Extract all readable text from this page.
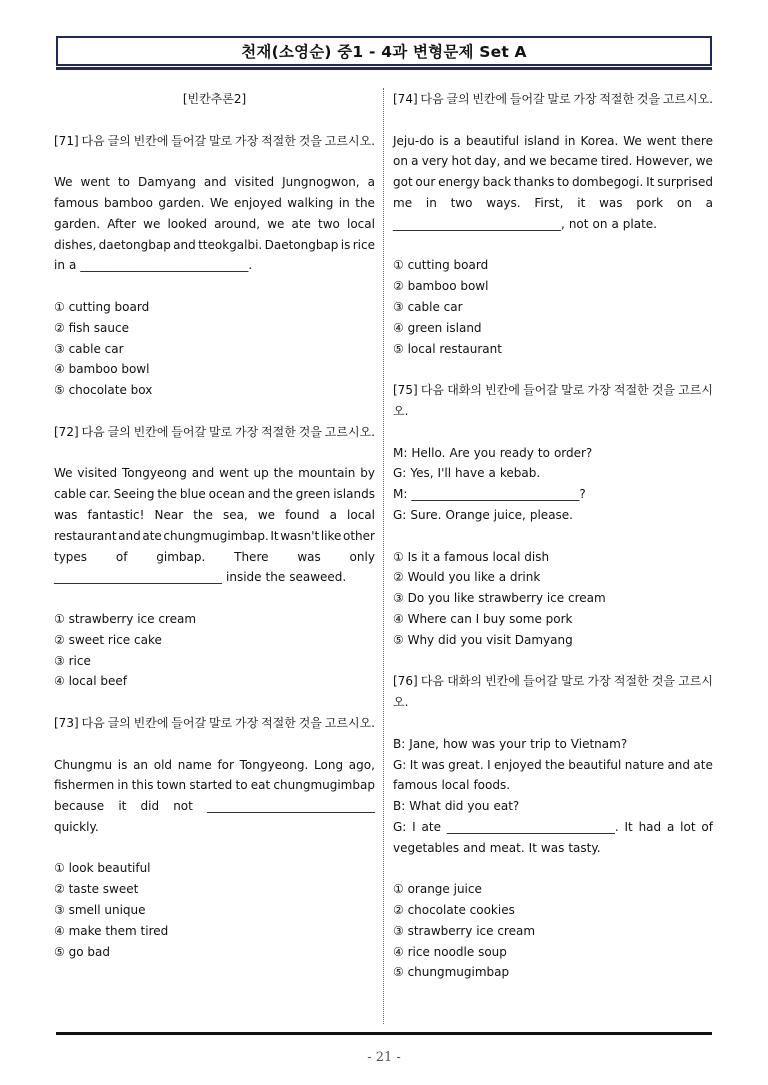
천재(소영순) 중1 - 4과 변형문제 Set A
[빈칸추론2]
[71] 다음 글의 빈칸에 들어갈 말로 가장 적절한 것을 고르시오.
We went to Damyang and visited Jungnogwon, a
famous bamboo garden. We enjoyed walking in the
garden. After we looked around, we ate two local
dishes, daetongbap and tteokgalbi. Daetongbap is rice
in a ____________________________.
① cutting board
② fish sauce
③ cable car
④ bamboo bowl
⑤ chocolate box
[72] 다음 글의 빈칸에 들어갈 말로 가장 적절한 것을 고르시오.
We visited Tongyeong and went up the mountain by
cable car. Seeing the blue ocean and the green islands
was fantastic! Near the sea, we found a local
restaurant and ate chungmugimbap. It wasn't like other
types of gimbap. There was only
____________________________ inside the seaweed.
① strawberry ice cream
② sweet rice cake
③ rice
④ local beef
[73] 다음 글의 빈칸에 들어갈 말로 가장 적절한 것을 고르시오.
Chungmu is an old name for Tongyeong. Long ago,
fishermen in this town started to eat chungmugimbap
because it did not ____________________________
quickly.
① look beautiful
② taste sweet
③ smell unique
④ make them tired
⑤ go bad
[74] 다음 글의 빈칸에 들어갈 말로 가장 적절한 것을 고르시오.
Jeju-do is a beautiful island in Korea. We went there
on a very hot day, and we became tired. However, we
got our energy back thanks to dombegogi. It surprised
me in two ways. First, it was pork on a
____________________________, not on a plate.
① cutting board
② bamboo bowl
③ cable car
④ green island
⑤ local restaurant
[75] 다음 대화의 빈칸에 들어갈 말로 가장 적절한 것을 고르시
오.
M: Hello. Are you ready to order?
G: Yes, I'll have a kebab.
M: ____________________________?
G: Sure. Orange juice, please.
① Is it a famous local dish
② Would you like a drink
③ Do you like strawberry ice cream
④ Where can I buy some pork
⑤ Why did you visit Damyang
[76] 다음 대화의 빈칸에 들어갈 말로 가장 적절한 것을 고르시
오.
B: Jane, how was your trip to Vietnam?
G: It was great. I enjoyed the beautiful nature and ate
famous local foods.
B: What did you eat?
G: I ate ____________________________. It had a lot of
vegetables and meat. It was tasty.
① orange juice
② chocolate cookies
③ strawberry ice cream
④ rice noodle soup
⑤ chungmugimbap
- 21 -
